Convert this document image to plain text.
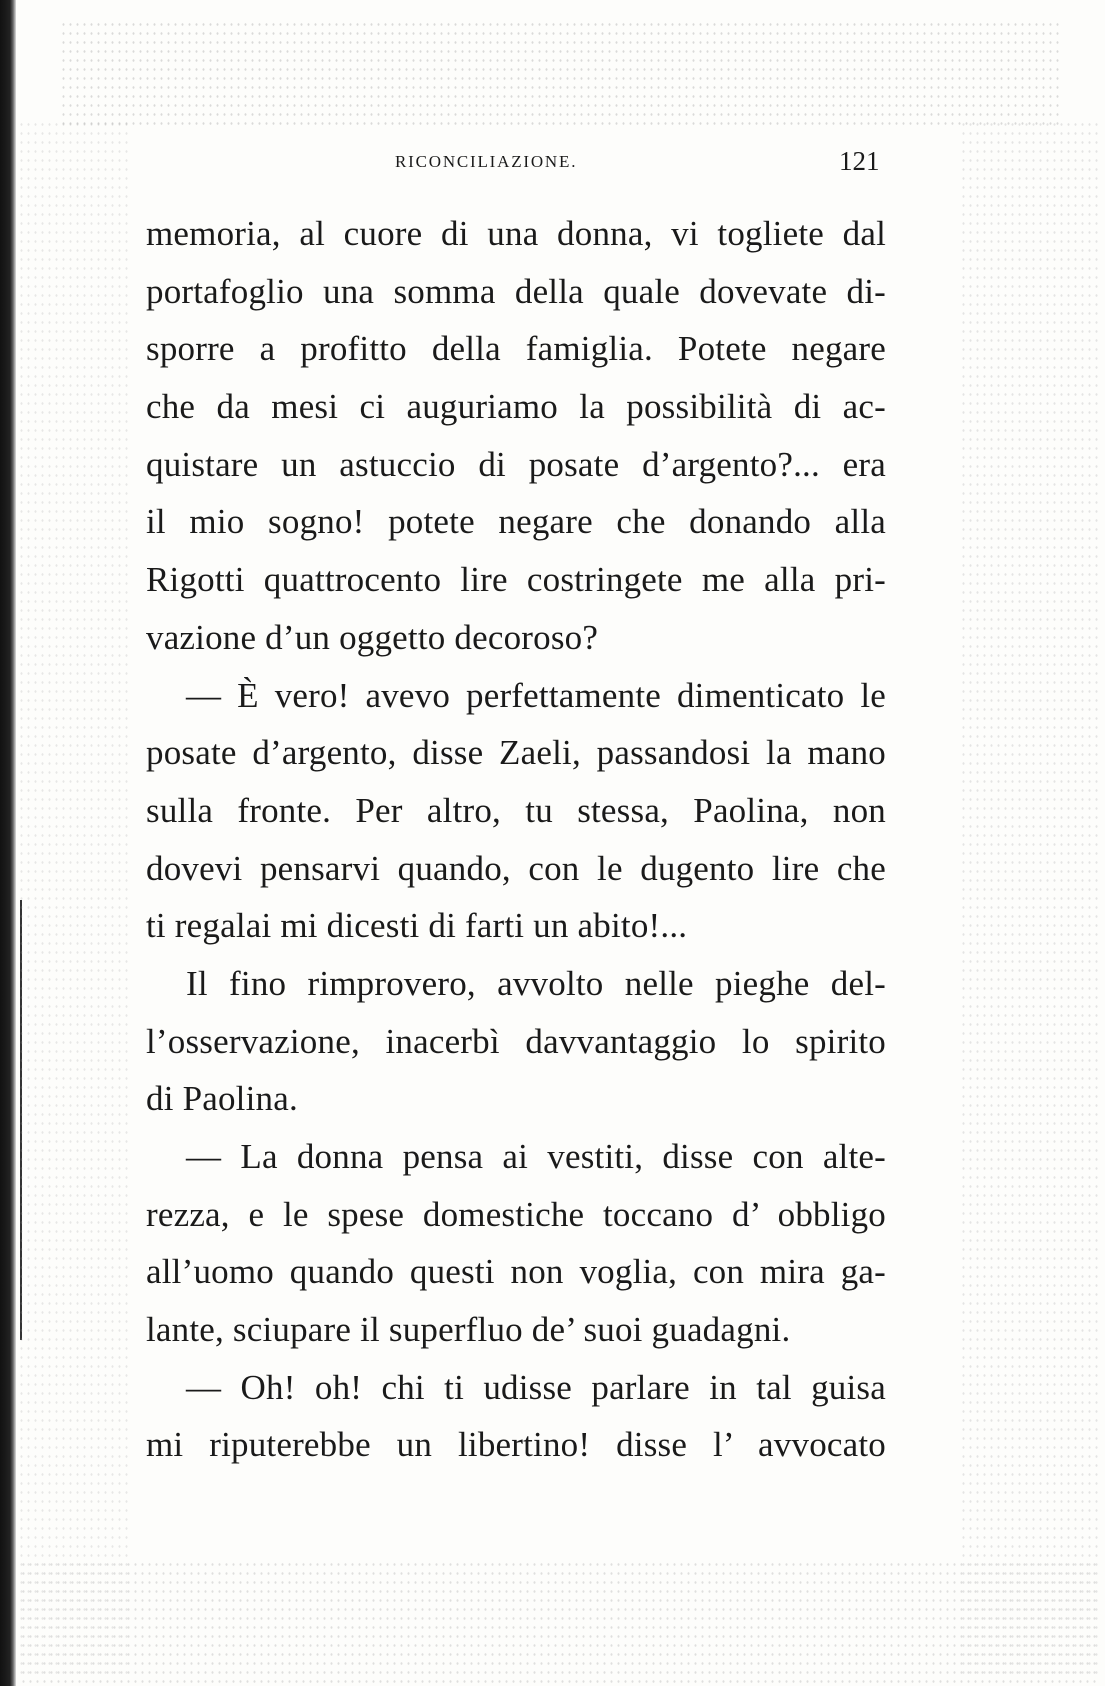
RICONCILIAZIONE.	121
memoria, al cuore di una donna, vi togliete dal
portafoglio una somma della quale dovevate di-
sporre a profitto della famiglia. Potete negare
che da mesi ci auguriamo la possibilità di ac-
quistare un astuccio di posate d’argento?... era
il mio sogno! potete negare che donando alla
Rigotti quattrocento lire costringete me alla pri-
vazione d’un oggetto decoroso?
— È vero! avevo perfettamente dimenticato le
posate d’argento, disse Zaeli, passandosi la mano
sulla fronte. Per altro, tu stessa, Paolina, non
dovevi pensarvi quando, con le dugento lire che
ti regalai mi dicesti di farti un abito!...
Il fino rimprovero, avvolto nelle pieghe del-
l’osservazione, inacerbì davvantaggio lo spirito
di Paolina.
— La donna pensa ai vestiti, disse con alte-
rezza, e le spese domestiche toccano d’ obbligo
all’uomo quando questi non voglia, con mira ga-
lante, sciupare il superfluo de’ suoi guadagni.
— Oh! oh! chi ti udisse parlare in tal guisa
mi riputerebbe un libertino! disse l’ avvocato
